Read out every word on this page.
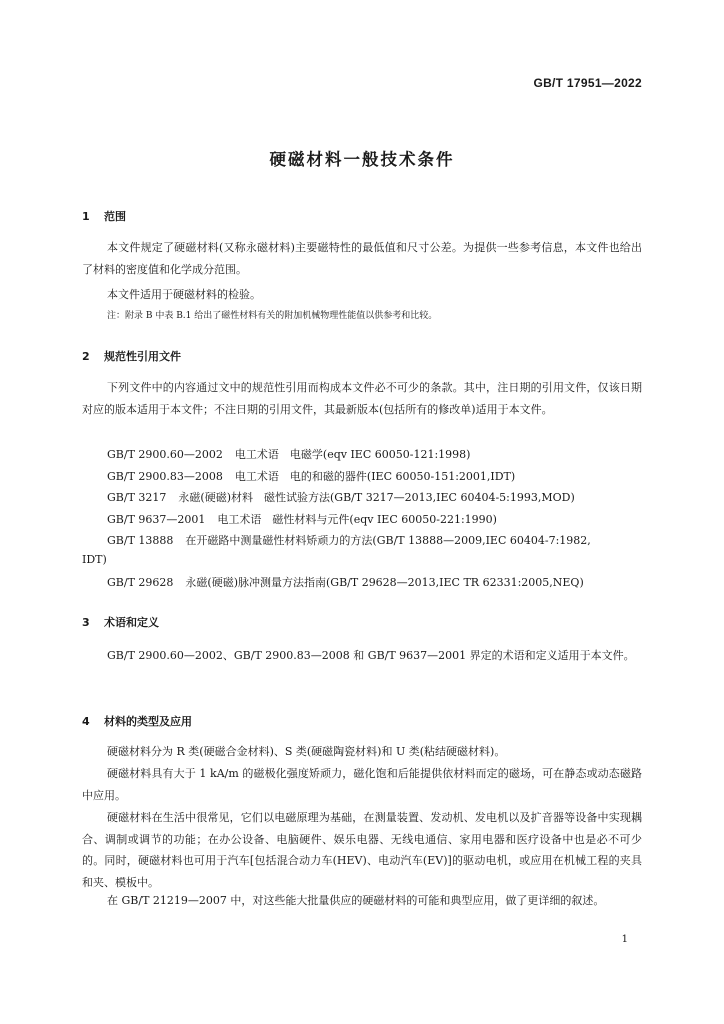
GB/T 17951—2022
硬磁材料一般技术条件
1 范围
本文件规定了硬磁材料(又称永磁材料)主要磁特性的最低值和尺寸公差。为提供一些参考信息，本文件也给出了材料的密度值和化学成分范围。
本文件适用于硬磁材料的检验。
注：附录 B 中表 B.1 给出了磁性材料有关的附加机械物理性能值以供参考和比较。
2 规范性引用文件
下列文件中的内容通过文中的规范性引用而构成本文件必不可少的条款。其中，注日期的引用文件，仅该日期对应的版本适用于本文件；不注日期的引用文件，其最新版本(包括所有的修改单)适用于本文件。
GB/T 2900.60—2002 电工术语　电磁学(eqv IEC 60050-121:1998)
GB/T 2900.83—2008 电工术语　电的和磁的器件(IEC 60050-151:2001,IDT)
GB/T 3217 永磁(硬磁)材料　磁性试验方法(GB/T 3217—2013,IEC 60404-5:1993,MOD)
GB/T 9637—2001 电工术语　磁性材料与元件(eqv IEC 60050-221:1990)
GB/T 13888 在开磁路中测量磁性材料矫顽力的方法(GB/T 13888—2009,IEC 60404-7:1982,
IDT)
GB/T 29628 永磁(硬磁)脉冲测量方法指南(GB/T 29628—2013,IEC TR 62331:2005,NEQ)
3 术语和定义
GB/T 2900.60—2002、GB/T 2900.83—2008 和 GB/T 9637—2001 界定的术语和定义适用于本文件。
4 材料的类型及应用
硬磁材料分为 R 类(硬磁合金材料)、S 类(硬磁陶瓷材料)和 U 类(粘结硬磁材料)。
硬磁材料具有大于 1 kA/m 的磁极化强度矫顽力，磁化饱和后能提供依材料而定的磁场，可在静态或动态磁路中应用。
硬磁材料在生活中很常见，它们以电磁原理为基础，在测量装置、发动机、发电机以及扩音器等设备中实现耦合、调制或调节的功能；在办公设备、电脑硬件、娱乐电器、无线电通信、家用电器和医疗设备中也是必不可少的。同时，硬磁材料也可用于汽车[包括混合动力车(HEV)、电动汽车(EV)]的驱动电机，或应用在机械工程的夹具和夹、模板中。
在 GB/T 21219—2007 中，对这些能大批量供应的硬磁材料的可能和典型应用，做了更详细的叙述。
1
